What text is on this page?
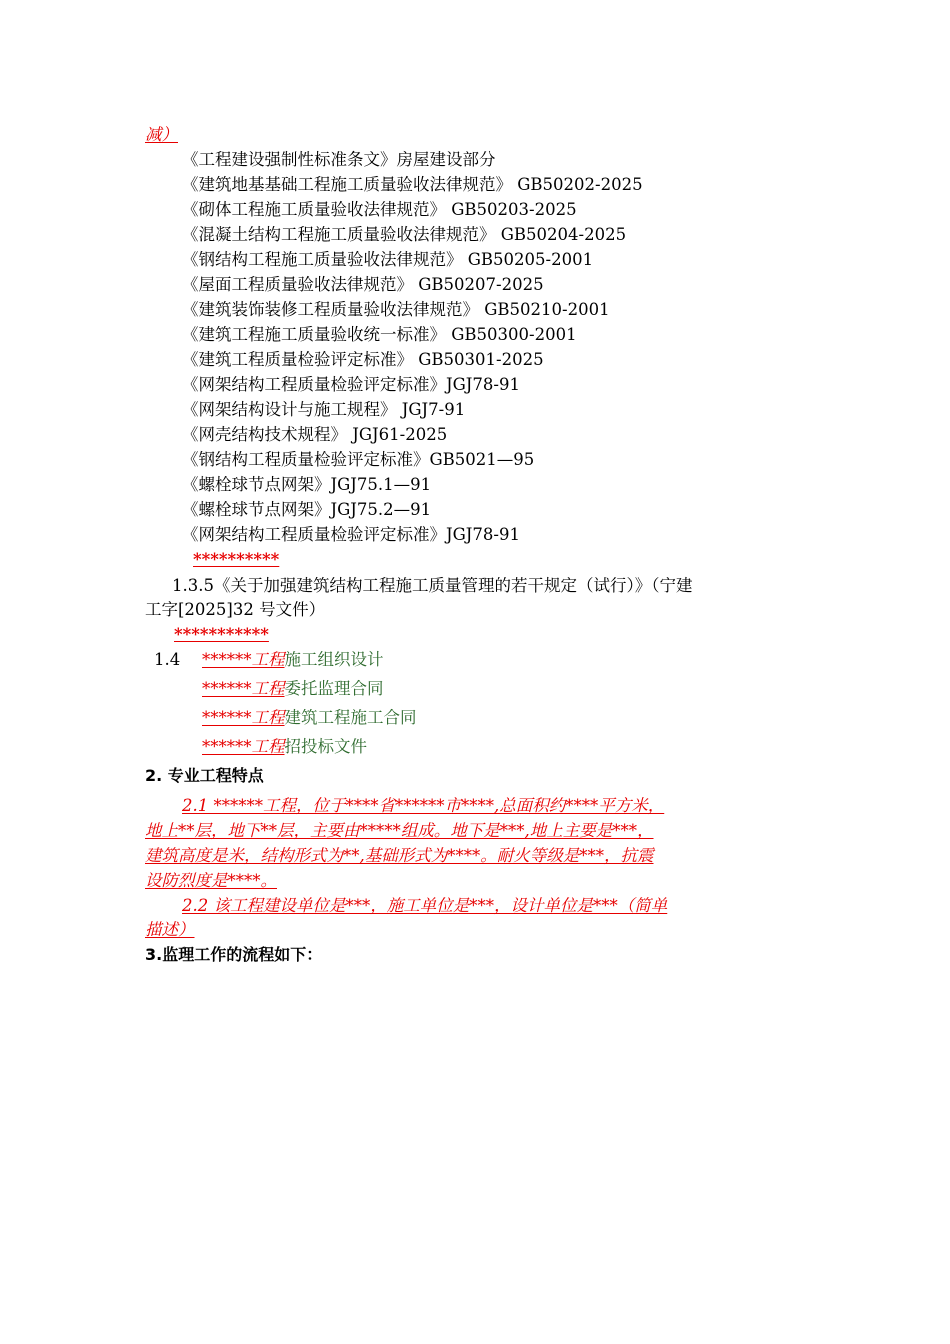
减）
《工程建设强制性标准条文》房屋建设部分
《建筑地基基础工程施工质量验收法律规范》 GB50202-2025
《砌体工程施工质量验收法律规范》 GB50203-2025
《混凝土结构工程施工质量验收法律规范》 GB50204-2025
《钢结构工程施工质量验收法律规范》 GB50205-2001
《屋面工程质量验收法律规范》 GB50207-2025
《建筑装饰装修工程质量验收法律规范》 GB50210-2001
《建筑工程施工质量验收统一标准》 GB50300-2001
《建筑工程质量检验评定标准》 GB50301-2025
《网架结构工程质量检验评定标准》JGJ78-91
《网架结构设计与施工规程》 JGJ7-91
《网壳结构技术规程》 JGJ61-2025
《钢结构工程质量检验评定标准》GB5021—95
《螺栓球节点网架》JGJ75.1—91
《螺栓球节点网架》JGJ75.2—91
《网架结构工程质量检验评定标准》JGJ78-91
**********
1.3.5《关于加强建筑结构工程施工质量管理的若干规定（试行）》（宁建
工字[2025]32 号文件）
***********
1.4 ******工程施工组织设计
******工程委托监理合同
******工程建筑工程施工合同
******工程招投标文件
2. 专业工程特点
2.1 ******工程，位于****省******市****,总面积约****平方米，
地上**层，地下**层，主要由*****组成。地下是***,地上主要是***，
建筑高度是米，结构形式为**,基础形式为****。耐火等级是***，抗震
设防烈度是****。
2.2 该工程建设单位是***，施工单位是***，设计单位是***（简单
描述）
3.监理工作的流程如下：
